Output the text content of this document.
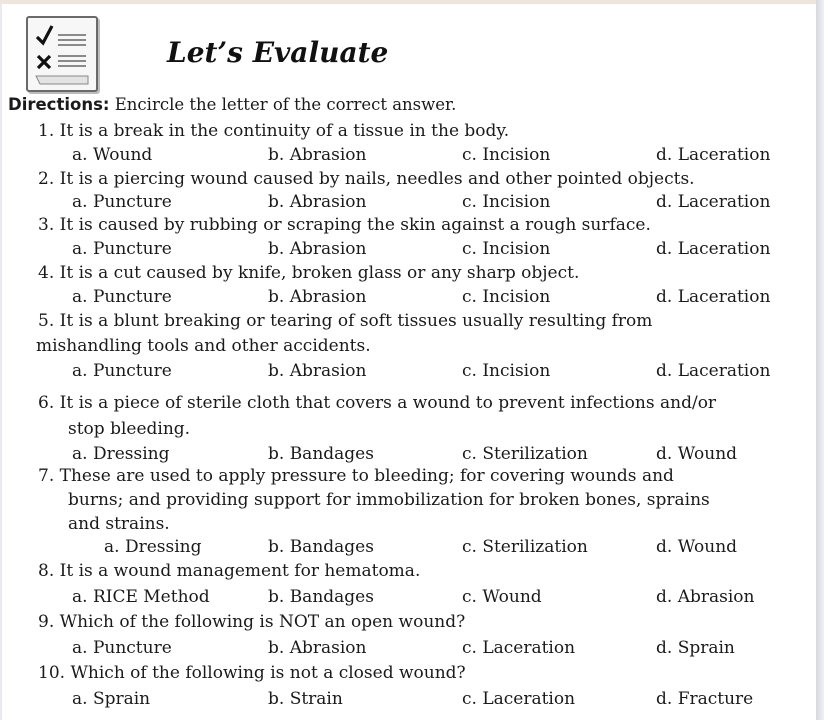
Let’s Evaluate
Directions: Encircle the letter of the correct answer.
1. It is a break in the continuity of a tissue in the body.
a. Wound	b. Abrasion	c. Incision	d. Laceration
2. It is a piercing wound caused by nails, needles and other pointed objects.
a. Puncture	b. Abrasion	c. Incision	d. Laceration
3. It is caused by rubbing or scraping the skin against a rough surface.
a. Puncture	b. Abrasion	c. Incision	d. Laceration
4. It is a cut caused by knife, broken glass or any sharp object.
a. Puncture	b. Abrasion	c. Incision	d. Laceration
5. It is a blunt breaking or tearing of soft tissues usually resulting from
mishandling tools and other accidents.
a. Puncture	b. Abrasion	c. Incision	d. Laceration
6. It is a piece of sterile cloth that covers a wound to prevent infections and/or
stop bleeding.
a. Dressing	b. Bandages	c. Sterilization	d. Wound
7. These are used to apply pressure to bleeding; for covering wounds and
burns; and providing support for immobilization for broken bones, sprains
and strains.
a. Dressing	b. Bandages	c. Sterilization	d. Wound
8. It is a wound management for hematoma.
a. RICE Method	b. Bandages	c. Wound	d. Abrasion
9. Which of the following is NOT an open wound?
a. Puncture	b. Abrasion	c. Laceration	d. Sprain
10. Which of the following is not a closed wound?
a. Sprain	b. Strain	c. Laceration	d. Fracture
